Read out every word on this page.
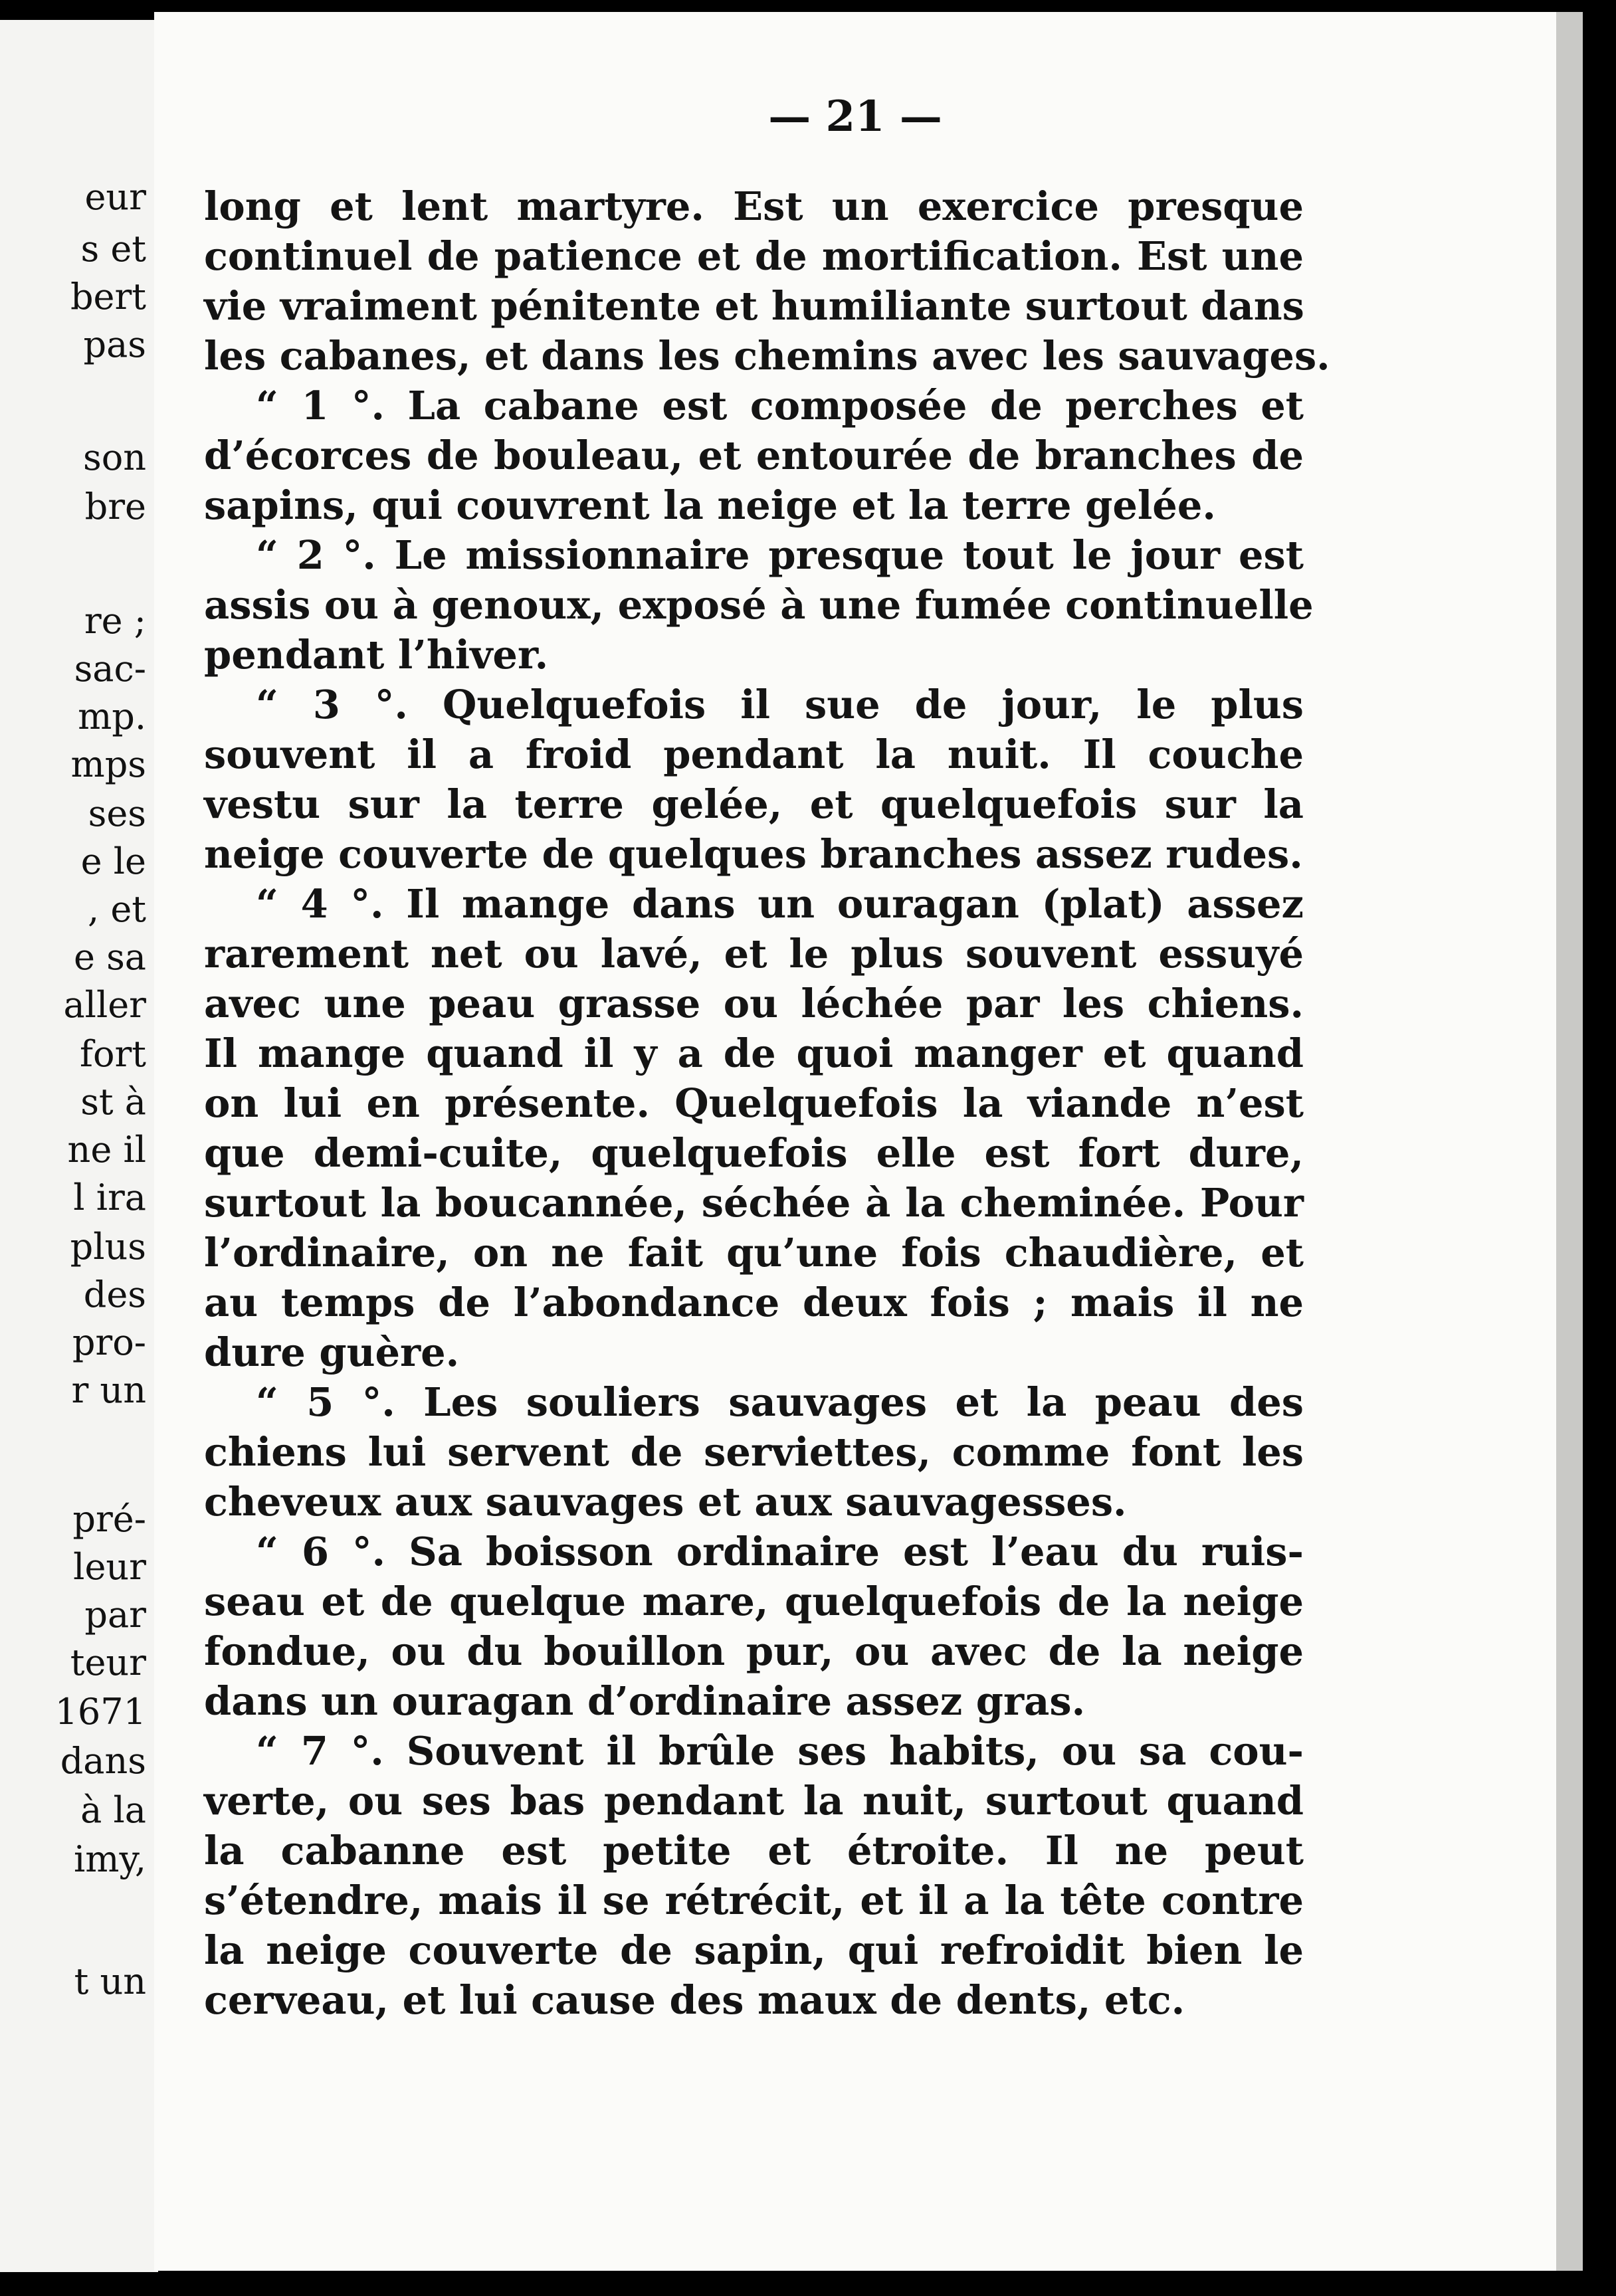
eur
s et
bert
pas
son
bre
re ;
sac-
mp.
mps
ses
e le
, et
e sa
aller
fort
st à
ne il
l ira
plus
des
pro-
r un
pré-
leur
par
teur
1671
dans
à la
imy,
t un
— 21 —
long et lent martyre. Est un exercice presque
continuel de patience et de mortification. Est une
vie vraiment pénitente et humiliante surtout dans
les cabanes, et dans les chemins avec les sauvages.
“ 1 °. La cabane est composée de perches et
d’écorces de bouleau, et entourée de branches de
sapins, qui couvrent la neige et la terre gelée.
“ 2 °. Le missionnaire presque tout le jour est
assis ou à genoux, exposé à une fumée continuelle
pendant l’hiver.
“ 3 °. Quelquefois il sue de jour, le plus
souvent il a froid pendant la nuit. Il couche
vestu sur la terre gelée, et quelquefois sur la
neige couverte de quelques branches assez rudes.
“ 4 °. Il mange dans un ouragan (plat) assez
rarement net ou lavé, et le plus souvent essuyé
avec une peau grasse ou léchée par les chiens.
Il mange quand il y a de quoi manger et quand
on lui en présente. Quelquefois la viande n’est
que demi-cuite, quelquefois elle est fort dure,
surtout la boucannée, séchée à la cheminée. Pour
l’ordinaire, on ne fait qu’une fois chaudière, et
au temps de l’abondance deux fois ; mais il ne
dure guère.
“ 5 °. Les souliers sauvages et la peau des
chiens lui servent de serviettes, comme font les
cheveux aux sauvages et aux sauvagesses.
“ 6 °. Sa boisson ordinaire est l’eau du ruis-
seau et de quelque mare, quelquefois de la neige
fondue, ou du bouillon pur, ou avec de la neige
dans un ouragan d’ordinaire assez gras.
“ 7 °. Souvent il brûle ses habits, ou sa cou-
verte, ou ses bas pendant la nuit, surtout quand
la cabanne est petite et étroite. Il ne peut
s’étendre, mais il se rétrécit, et il a la tête contre
la neige couverte de sapin, qui refroidit bien le
cerveau, et lui cause des maux de dents, etc.
